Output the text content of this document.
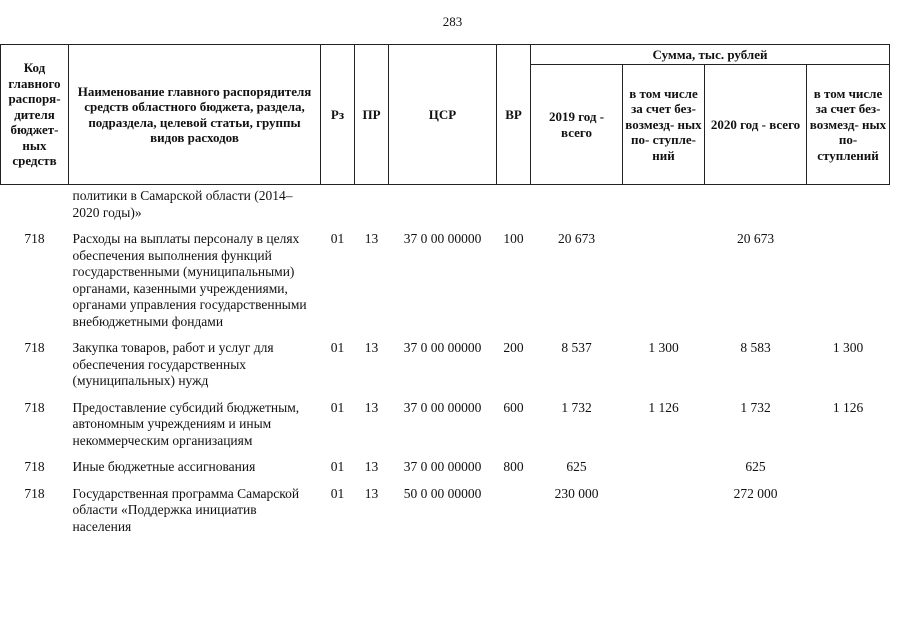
283
Код главного распоря- дителя бюджет- ных средств	Наименование главного распорядителя средств областного бюджета, раздела, подраздела, целевой статьи, группы видов расходов	Рз	ПР	ЦСР	ВР	Сумма, тыс. рублей			
						2019 год - всего	в том числе за счет без- возмезд- ных по- ступле- ний	2020 год - всего	в том числе за счет без- возмезд- ных по- ступлений
	политики в Самарской области (2014–2020 годы)»								
718	Расходы на выплаты персоналу в целях обеспечения выполнения функций государственными (муниципальными) органами, казенными учреждениями, органами управления государственными внебюджетными фондами	01	13	37 0 00 00000	100	20 673		20 673	
718	Закупка товаров, работ и услуг для обеспечения государственных (муниципальных) нужд	01	13	37 0 00 00000	200	8 537	1 300	8 583	1 300
718	Предоставление субсидий бюджетным, автономным учреждениям и иным некоммерческим организациям	01	13	37 0 00 00000	600	1 732	1 126	1 732	1 126
718	Иные бюджетные ассигнования	01	13	37 0 00 00000	800	625		625	
718	Государственная программа Самарской области «Поддержка инициатив населения	01	13	50 0 00 00000		230 000		272 000	
